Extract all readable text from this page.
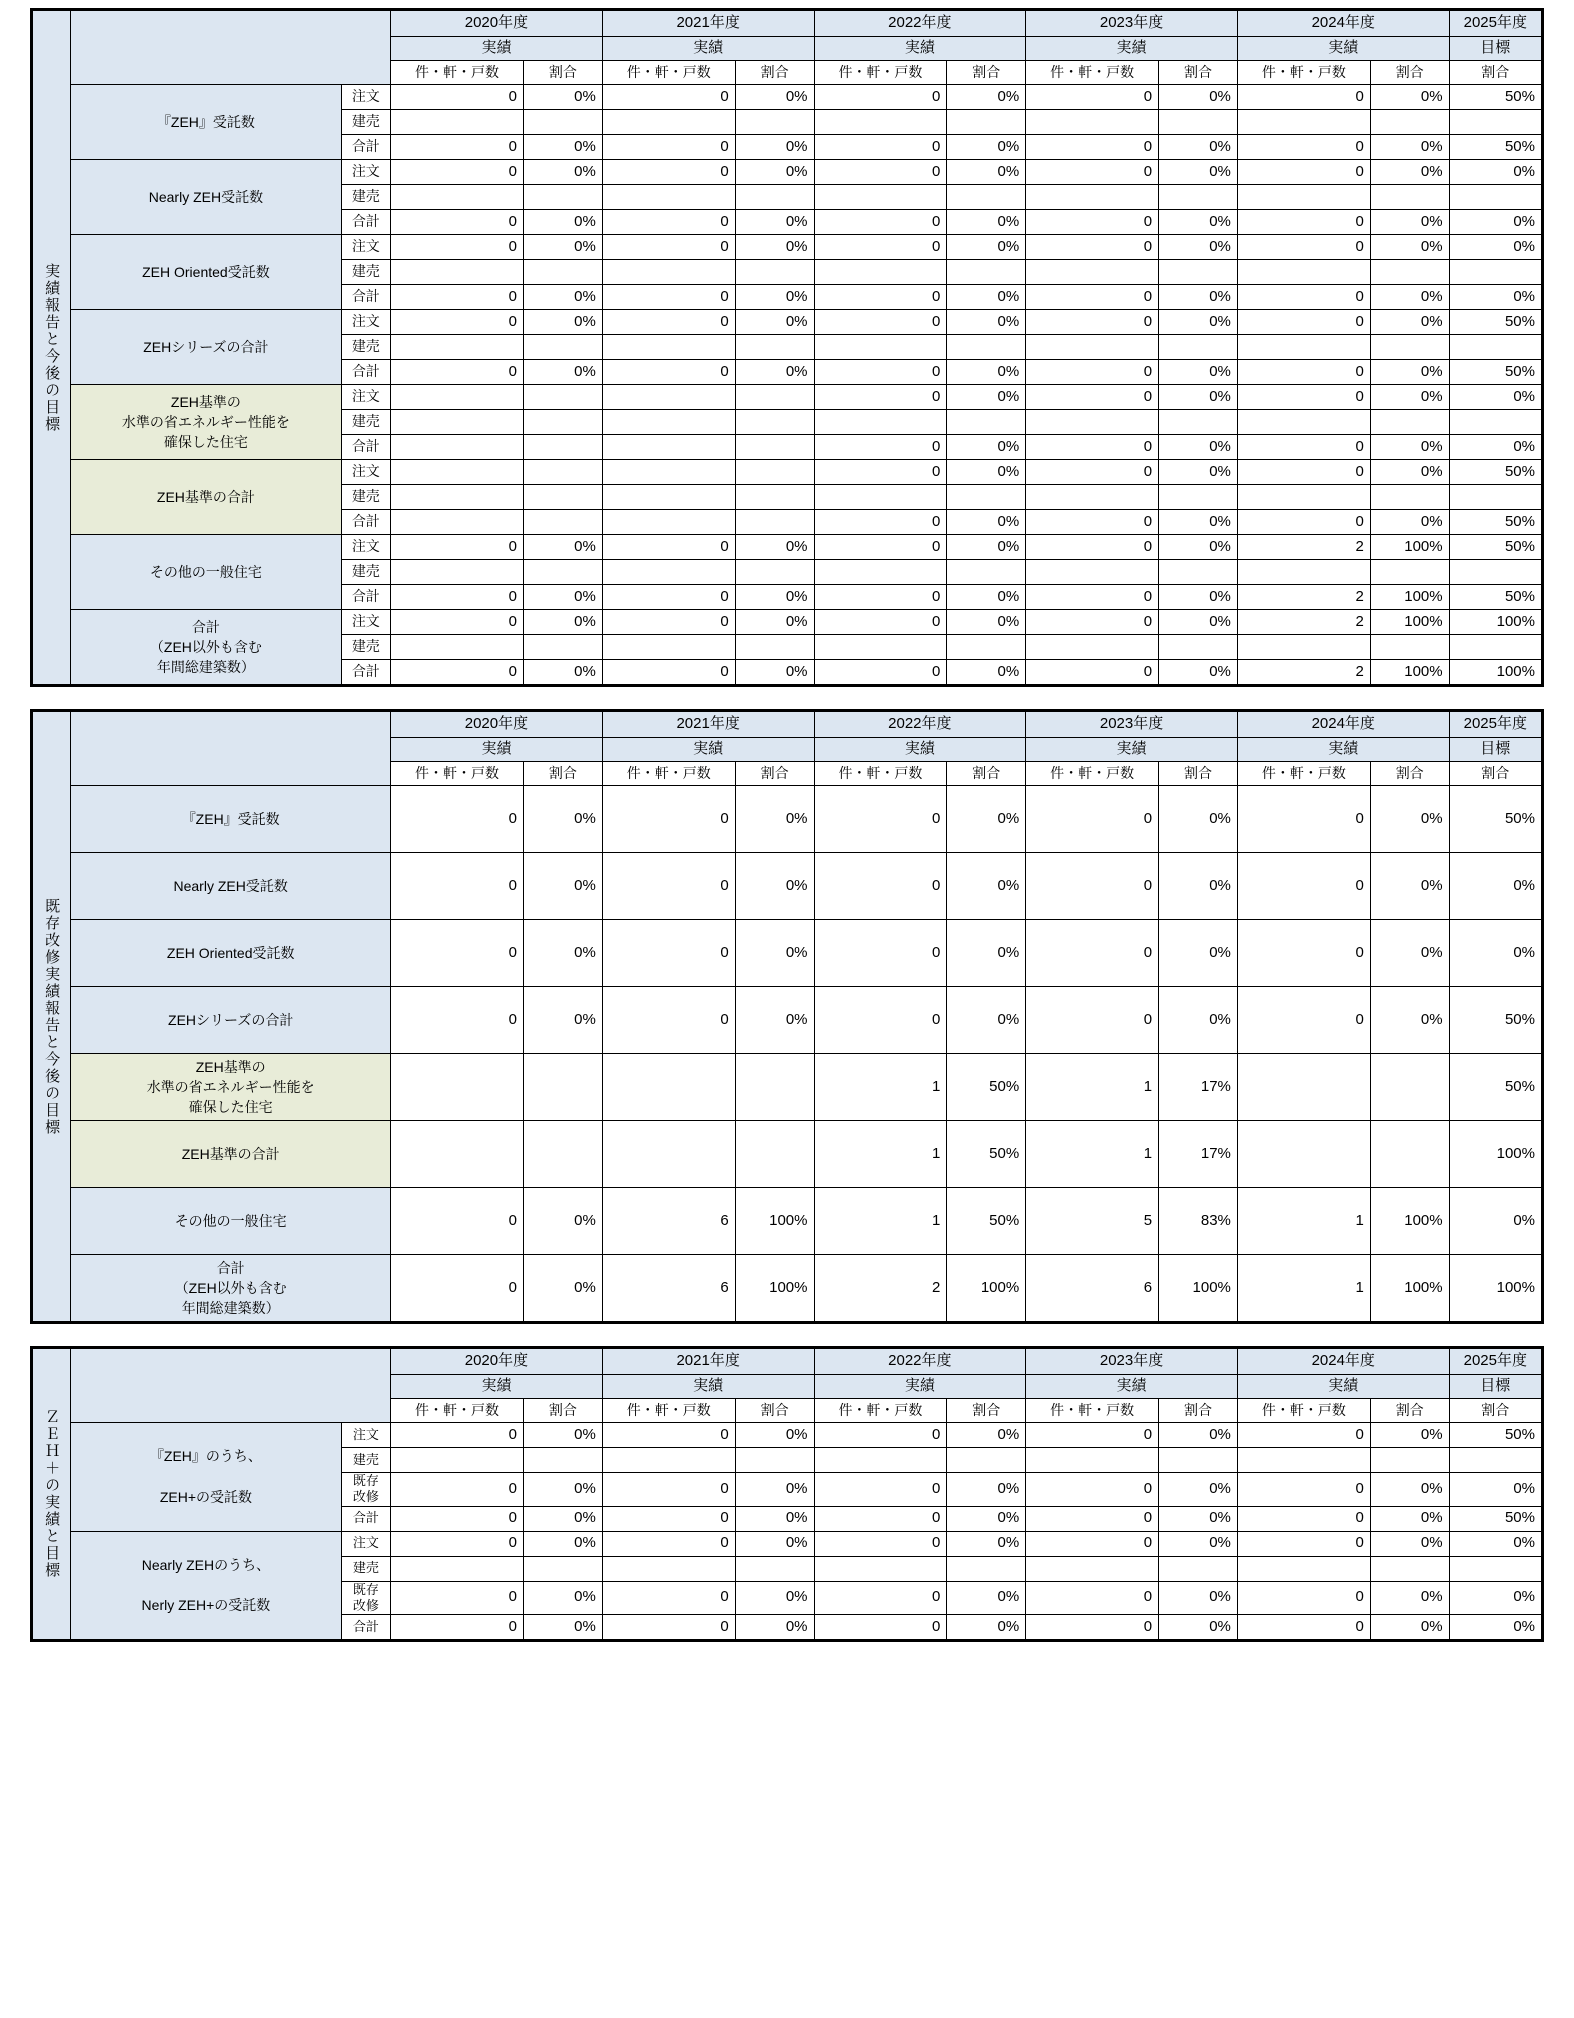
実績報告と今後の目標			2020年度		2021年度		2022年度		2023年度		2024年度		2025年度
			実績		実績		実績		実績		実績		目標
			件・軒・戸数	割合	件・軒・戸数	割合	件・軒・戸数	割合	件・軒・戸数	割合	件・軒・戸数	割合	割合
	『ZEH』受託数	注文	0	0%	0	0%	0	0%	0	0%	0	0%	50%
		建売											
		合計	0	0%	0	0%	0	0%	0	0%	0	0%	50%
	Nearly ZEH受託数	注文	0	0%	0	0%	0	0%	0	0%	0	0%	0%
		建売											
		合計	0	0%	0	0%	0	0%	0	0%	0	0%	0%
	ZEH Oriented受託数	注文	0	0%	0	0%	0	0%	0	0%	0	0%	0%
		建売											
		合計	0	0%	0	0%	0	0%	0	0%	0	0%	0%
	ZEHシリーズの合計	注文	0	0%	0	0%	0	0%	0	0%	0	0%	50%
		建売											
		合計	0	0%	0	0%	0	0%	0	0%	0	0%	50%
	ZEH基準の
水準の省エネルギー性能を
確保した住宅	注文					0	0%	0	0%	0	0%	0%
		建売											
		合計					0	0%	0	0%	0	0%	0%
	ZEH基準の合計	注文					0	0%	0	0%	0	0%	50%
		建売											
		合計					0	0%	0	0%	0	0%	50%
	その他の一般住宅	注文	0	0%	0	0%	0	0%	0	0%	2	100%	50%
		建売											
		合計	0	0%	0	0%	0	0%	0	0%	2	100%	50%
	合計
（ZEH以外も含む
年間総建築数）	注文	0	0%	0	0%	0	0%	0	0%	2	100%	100%
		建売											
		合計	0	0%	0	0%	0	0%	0	0%	2	100%	100%
既存改修実績報告と今後の目標		2020年度		2021年度		2022年度		2023年度		2024年度		2025年度
		実績		実績		実績		実績		実績		目標
		件・軒・戸数	割合	件・軒・戸数	割合	件・軒・戸数	割合	件・軒・戸数	割合	件・軒・戸数	割合	割合
	『ZEH』受託数	0	0%	0	0%	0	0%	0	0%	0	0%	50%
	Nearly ZEH受託数	0	0%	0	0%	0	0%	0	0%	0	0%	0%
	ZEH Oriented受託数	0	0%	0	0%	0	0%	0	0%	0	0%	0%
	ZEHシリーズの合計	0	0%	0	0%	0	0%	0	0%	0	0%	50%
	ZEH基準の
水準の省エネルギー性能を
確保した住宅					1	50%	1	17%			50%
	ZEH基準の合計					1	50%	1	17%			100%
	その他の一般住宅	0	0%	6	100%	1	50%	5	83%	1	100%	0%
	合計
（ZEH以外も含む
年間総建築数）	0	0%	6	100%	2	100%	6	100%	1	100%	100%
ＺＥＨ＋の実績と目標			2020年度		2021年度		2022年度		2023年度		2024年度		2025年度
			実績		実績		実績		実績		実績		目標
			件・軒・戸数	割合	件・軒・戸数	割合	件・軒・戸数	割合	件・軒・戸数	割合	件・軒・戸数	割合	割合
	『ZEH』のうち、

ZEH+の受託数	注文	0	0%	0	0%	0	0%	0	0%	0	0%	50%
		建売											
		既存
改修	0	0%	0	0%	0	0%	0	0%	0	0%	0%
		合計	0	0%	0	0%	0	0%	0	0%	0	0%	50%
	Nearly ZEHのうち、

Nerly ZEH+の受託数	注文	0	0%	0	0%	0	0%	0	0%	0	0%	0%
		建売											
		既存
改修	0	0%	0	0%	0	0%	0	0%	0	0%	0%
		合計	0	0%	0	0%	0	0%	0	0%	0	0%	0%
